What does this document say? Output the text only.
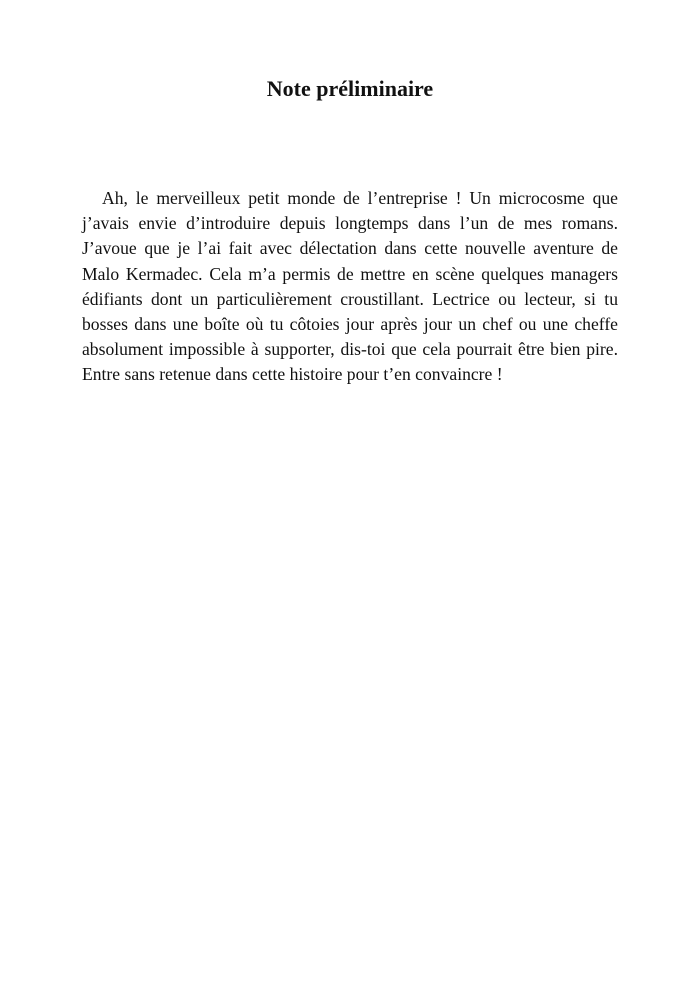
Note préliminaire

Ah, le merveilleux petit monde de l’entreprise ! Un microcosme que
j’avais envie d’introduire depuis longtemps dans l’un de mes romans.
J’avoue que je l’ai fait avec délectation dans cette nouvelle aventure de
Malo Kermadec. Cela m’a permis de mettre en scène quelques managers
édifiants dont un particulièrement croustillant. Lectrice ou lecteur, si tu
bosses dans une boîte où tu côtoies jour après jour un chef ou une cheffe
absolument impossible à supporter, dis-toi que cela pourrait être bien pire.
Entre sans retenue dans cette histoire pour t’en convaincre !
